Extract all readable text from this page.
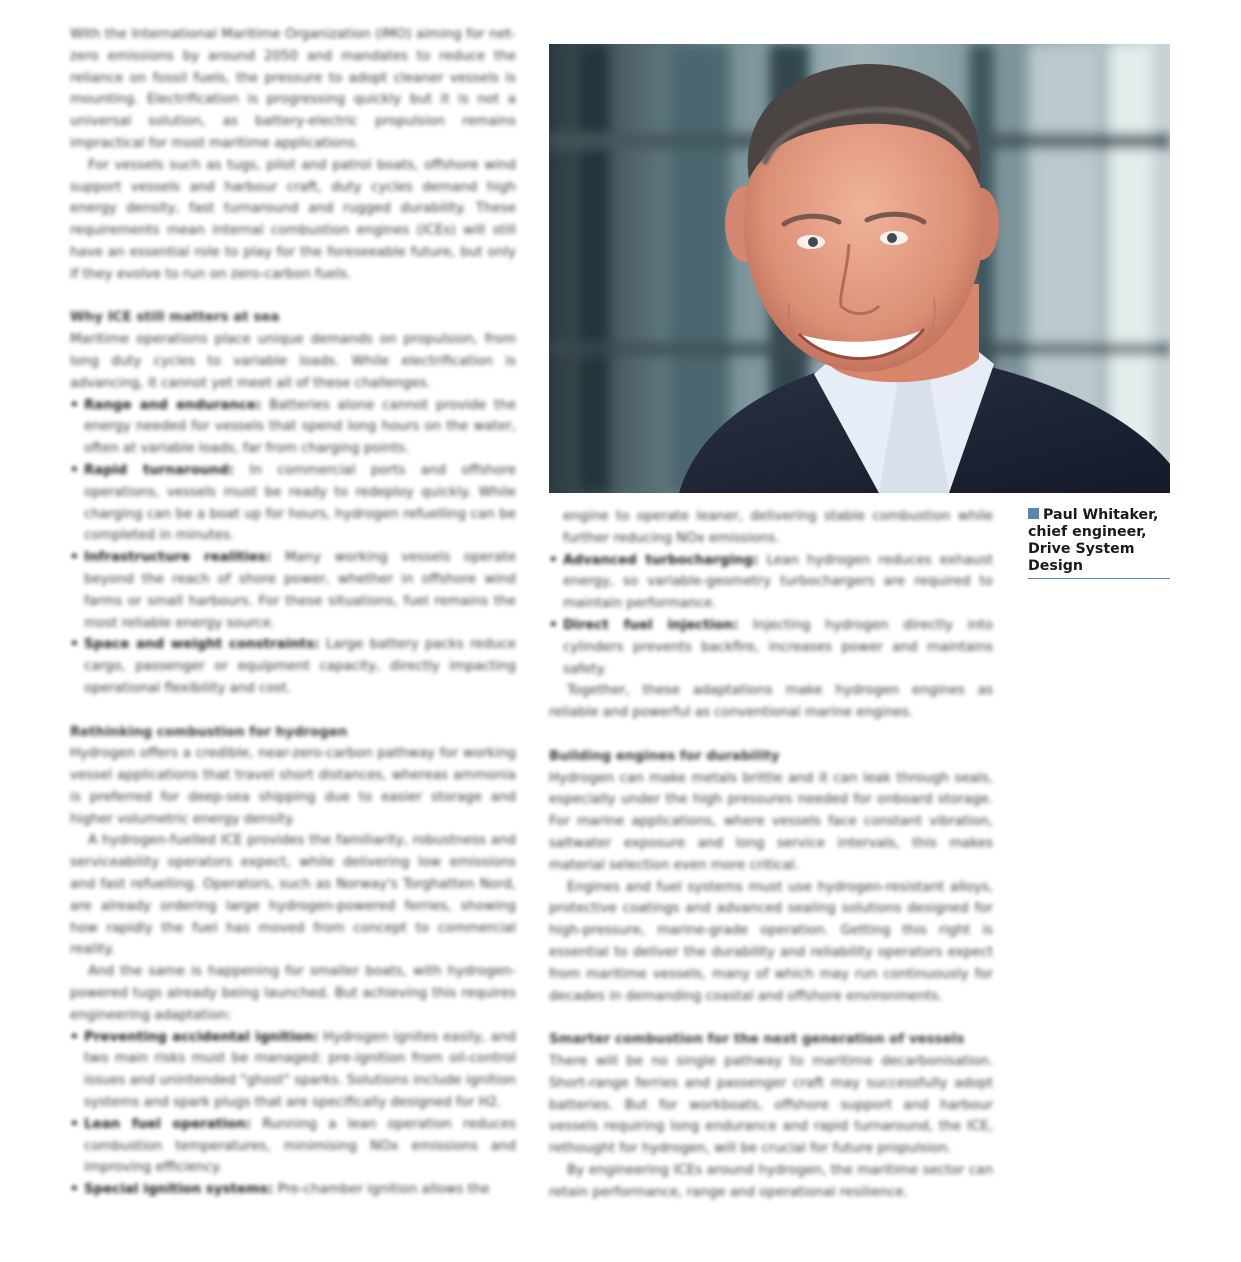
With the International Maritime Organization (IMO) aiming for net-zero emissions by around 2050 and mandates to reduce the reliance on fossil fuels, the pressure to adopt cleaner vessels is mounting. Electrification is progressing quickly but it is not a universal solution, as battery-electric propulsion remains impractical for most maritime applications.

For vessels such as tugs, pilot and patrol boats, offshore wind support vessels and harbour craft, duty cycles demand high energy density, fast turnaround and rugged durability. These requirements mean internal combustion engines (ICEs) will still have an essential role to play for the foreseeable future, but only if they evolve to run on zero-carbon fuels.

Why ICE still matters at sea

Maritime operations place unique demands on propulsion, from long duty cycles to variable loads. While electrification is advancing, it cannot yet meet all of these challenges.

• Range and endurance: Batteries alone cannot provide the energy needed for vessels that spend long hours on the water, often at variable loads, far from charging points.
• Rapid turnaround: In commercial ports and offshore operations, vessels must be ready to redeploy quickly. While charging can be a boat up for hours, hydrogen refuelling can be completed in minutes.
• Infrastructure realities: Many working vessels operate beyond the reach of shore power, whether in offshore wind farms or small harbours. For these situations, fuel remains the most reliable energy source.
• Space and weight constraints: Large battery packs reduce cargo, passenger or equipment capacity, directly impacting operational flexibility and cost.
Rethinking combustion for hydrogen

Hydrogen offers a credible, near-zero-carbon pathway for working vessel applications that travel short distances, whereas ammonia is preferred for deep-sea shipping due to easier storage and higher volumetric energy density.

A hydrogen-fuelled ICE provides the familiarity, robustness and serviceability operators expect, while delivering low emissions and fast refuelling. Operators, such as Norway's Torghatten Nord, are already ordering large hydrogen-powered ferries, showing how rapidly the fuel has moved from concept to commercial reality.

And the same is happening for smaller boats, with hydrogen-powered tugs already being launched. But achieving this requires engineering adaptation:

• Preventing accidental ignition: Hydrogen ignites easily, and two main risks must be managed: pre-ignition from oil-control issues and unintended "ghost" sparks. Solutions include ignition systems and spark plugs that are specifically designed for H2.
• Lean fuel operation: Running a lean operation reduces combustion temperatures, minimising NOx emissions and improving efficiency.
• Special ignition systems: Pre-chamber ignition allows the
Paul Whitaker,
chief engineer,
Drive System
Design

engine to operate leaner, delivering stable combustion while further reducing NOx emissions.

• Advanced turbocharging: Lean hydrogen reduces exhaust energy, so variable-geometry turbochargers are required to maintain performance.
• Direct fuel injection: Injecting hydrogen directly into cylinders prevents backfire, increases power and maintains safety.

Together, these adaptations make hydrogen engines as reliable and powerful as conventional marine engines.

Building engines for durability

Hydrogen can make metals brittle and it can leak through seals, especially under the high pressures needed for onboard storage. For marine applications, where vessels face constant vibration, saltwater exposure and long service intervals, this makes material selection even more critical.

Engines and fuel systems must use hydrogen-resistant alloys, protective coatings and advanced sealing solutions designed for high-pressure, marine-grade operation. Getting this right is essential to deliver the durability and reliability operators expect from maritime vessels, many of which may run continuously for decades in demanding coastal and offshore environments.

Smarter combustion for the next generation of vessels

There will be no single pathway to maritime decarbonisation. Short-range ferries and passenger craft may successfully adopt batteries. But for workboats, offshore support and harbour vessels requiring long endurance and rapid turnaround, the ICE, rethought for hydrogen, will be crucial for future propulsion.

By engineering ICEs around hydrogen, the maritime sector can retain performance, range and operational resilience.
